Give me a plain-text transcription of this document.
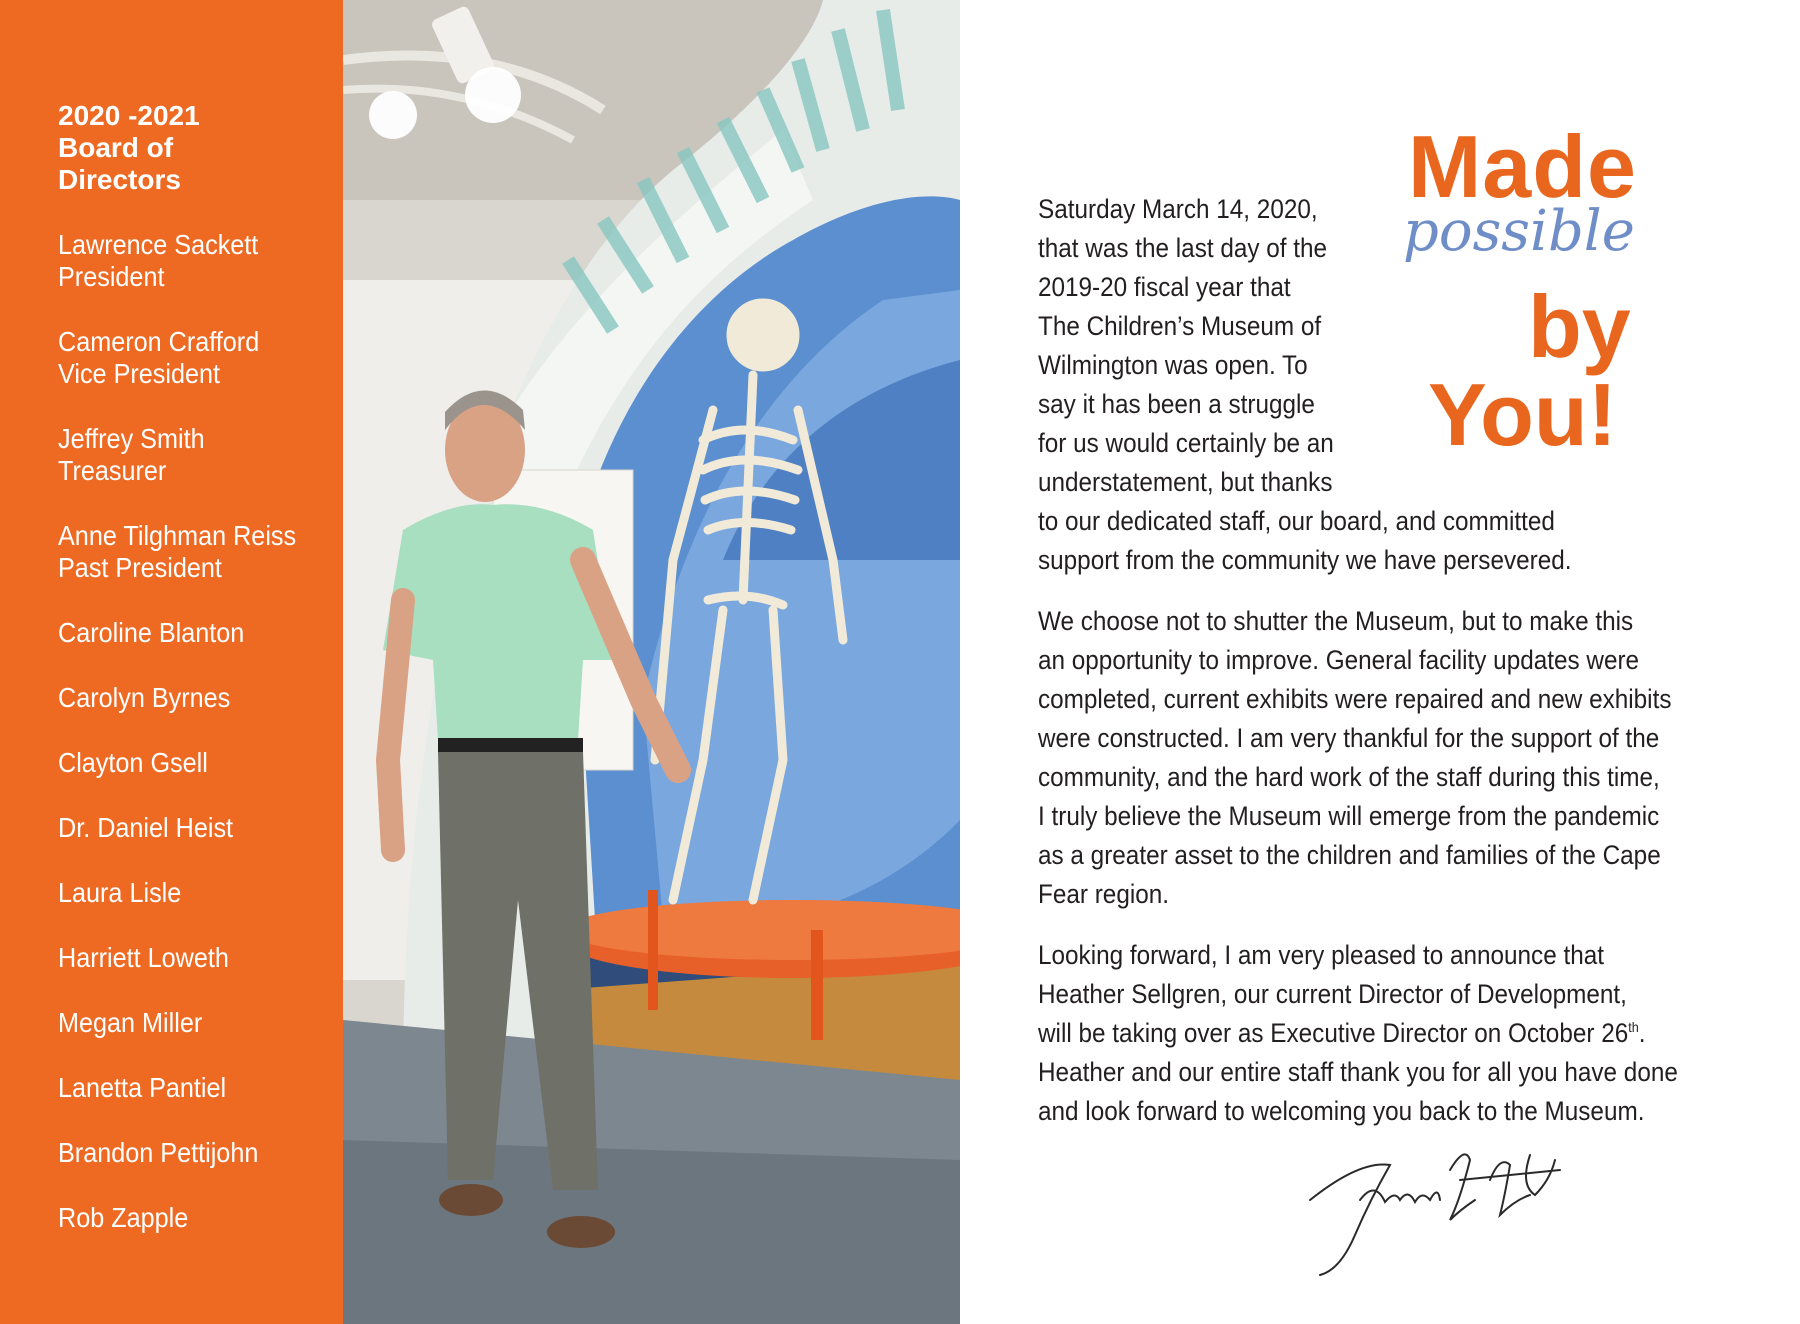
2020 -2021
Board of
Directors
Lawrence Sackett
President
Cameron Crafford
Vice President
Jeffrey Smith
Treasurer
Anne Tilghman Reiss
Past President
Caroline Blanton
Carolyn Byrnes
Clayton Gsell
Dr. Daniel Heist
Laura Lisle
Harriett Loweth
Megan Miller
Lanetta Pantiel
Brandon Pettijohn
Rob Zapple
Made
possible
by
You!

Saturday March 14, 2020,

that was the last day of the

2019-20 fiscal year that

The Children’s Museum of

Wilmington was open. To

say it has been a struggle

for us would certainly be an

understatement, but thanks

to our dedicated staff, our board, and committed

support from the community we have persevered.

We choose not to shutter the Museum, but to make this

an opportunity to improve. General facility updates were

completed, current exhibits were repaired and new exhibits

were constructed. I am very thankful for the support of the

community, and the hard work of the staff during this time,

I truly believe the Museum will emerge from the pandemic

as a greater asset to the children and families of the Cape

Fear region.

Looking forward, I am very pleased to announce that

Heather Sellgren, our current Director of Development,

will be taking over as Executive Director on October 26th.

Heather and our entire staff thank you for all you have done

and look forward to welcoming you back to the Museum.
